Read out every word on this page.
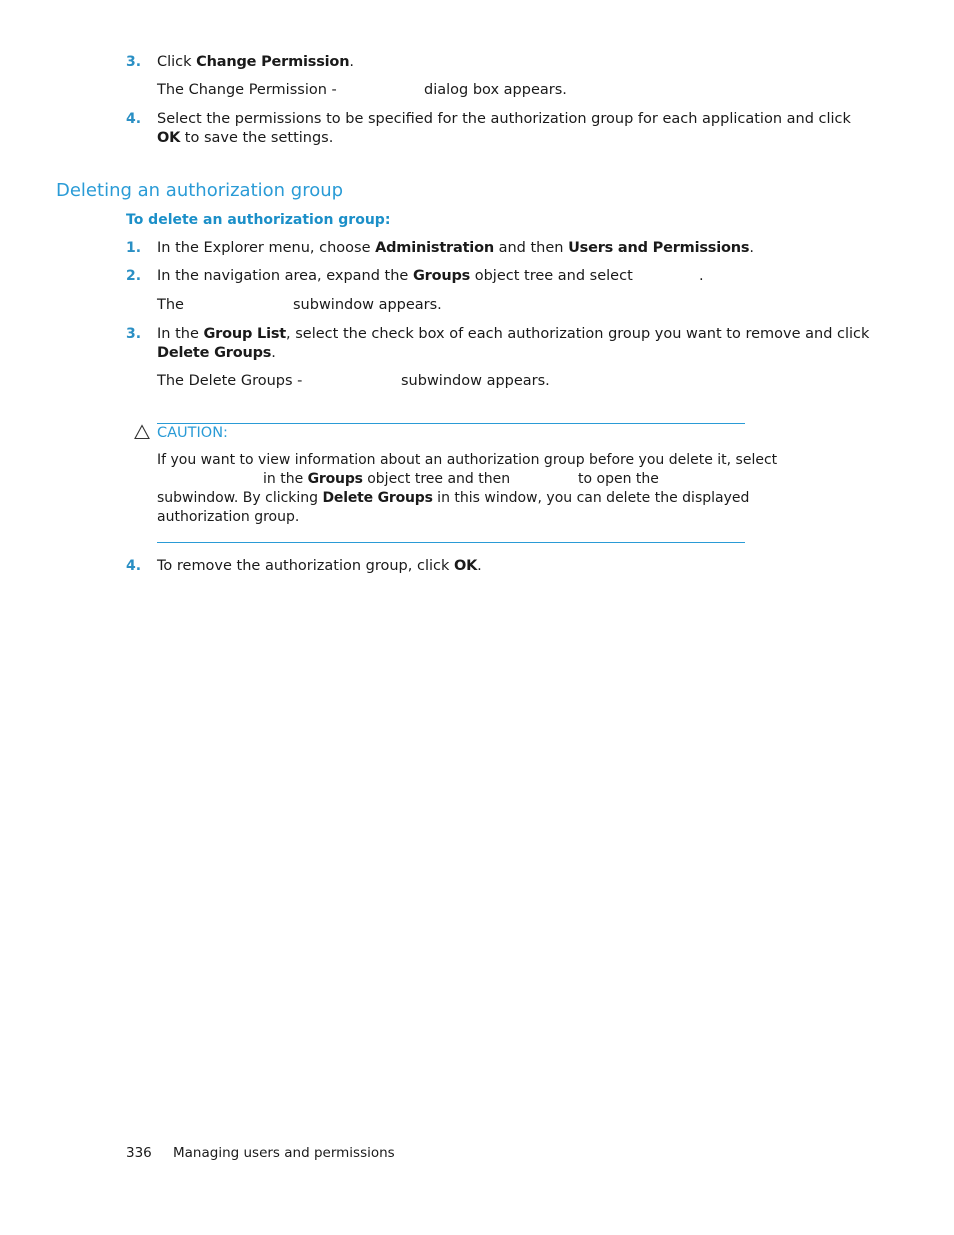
3. Click Change Permission.
The Change Permission -	dialog box appears.
4. Select the permissions to be specified for the authorization group for each application and click
OK to save the settings.
Deleting an authorization group
To delete an authorization group:
1. In the Explorer menu, choose Administration and then Users and Permissions.
2. In the navigation area, expand the Groups object tree and select	.
The	subwindow appears.
3. In the Group List, select the check box of each authorization group you want to remove and click
Delete Groups.
The Delete Groups -	subwindow appears.
CAUTION:
If you want to view information about an authorization group before you delete it, select
in the Groups object tree and then	to open the
subwindow. By clicking Delete Groups in this window, you can delete the displayed
authorization group.
4. To remove the authorization group, click OK.
336 Managing users and permissions
